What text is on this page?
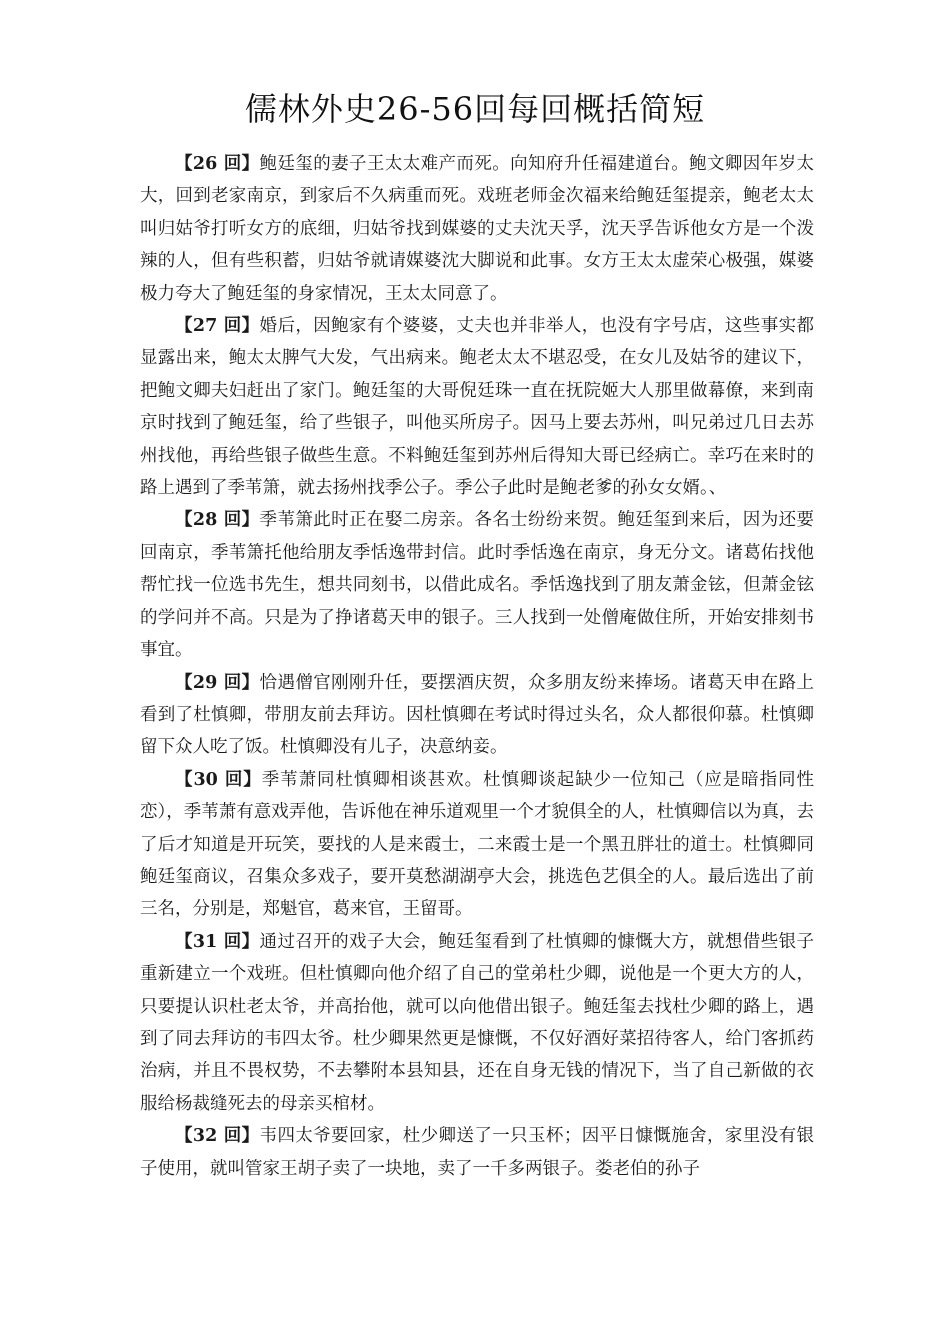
儒林外史26-56回每回概括简短

【26 回】鲍廷玺的妻子王太太难产而死。向知府升任福建道台。鲍文卿因年岁太大，回到老家南京，到家后不久病重而死。戏班老师金次福来给鲍廷玺提亲，鲍老太太叫归姑爷打听女方的底细，归姑爷找到媒婆的丈夫沈天孚，沈天孚告诉他女方是一个泼辣的人，但有些积蓄，归姑爷就请媒婆沈大脚说和此事。女方王太太虚荣心极强，媒婆极力夸大了鲍廷玺的身家情况，王太太同意了。

【27 回】婚后，因鲍家有个婆婆，丈夫也并非举人，也没有字号店，这些事实都显露出来，鲍太太脾气大发，气出病来。鲍老太太不堪忍受，在女儿及姑爷的建议下，把鲍文卿夫妇赶出了家门。鲍廷玺的大哥倪廷珠一直在抚院姬大人那里做幕僚，来到南京时找到了鲍廷玺，给了些银子，叫他买所房子。因马上要去苏州，叫兄弟过几日去苏州找他，再给些银子做些生意。不料鲍廷玺到苏州后得知大哥已经病亡。幸巧在来时的路上遇到了季苇箫，就去扬州找季公子。季公子此时是鲍老爹的孙女女婿。、

【28 回】季苇箫此时正在娶二房亲。各名士纷纷来贺。鲍廷玺到来后，因为还要回南京，季苇箫托他给朋友季恬逸带封信。此时季恬逸在南京，身无分文。诸葛佑找他帮忙找一位选书先生，想共同刻书，以借此成名。季恬逸找到了朋友萧金铉，但萧金铉的学问并不高。只是为了挣诸葛天申的银子。三人找到一处僧庵做住所，开始安排刻书事宜。

【29 回】恰遇僧官刚刚升任，要摆酒庆贺，众多朋友纷来捧场。诸葛天申在路上看到了杜慎卿，带朋友前去拜访。因杜慎卿在考试时得过头名，众人都很仰慕。杜慎卿留下众人吃了饭。杜慎卿没有儿子，决意纳妾。

【30 回】季苇萧同杜慎卿相谈甚欢。杜慎卿谈起缺少一位知己（应是暗指同性恋），季苇萧有意戏弄他，告诉他在神乐道观里一个才貌俱全的人，杜慎卿信以为真，去了后才知道是开玩笑，要找的人是来霞士，二来霞士是一个黑丑胖壮的道士。杜慎卿同鲍廷玺商议，召集众多戏子，要开莫愁湖湖亭大会，挑选色艺俱全的人。最后选出了前三名，分别是，郑魁官，葛来官，王留哥。

【31 回】通过召开的戏子大会，鲍廷玺看到了杜慎卿的慷慨大方，就想借些银子重新建立一个戏班。但杜慎卿向他介绍了自己的堂弟杜少卿，说他是一个更大方的人，只要提认识杜老太爷，并高抬他，就可以向他借出银子。鲍廷玺去找杜少卿的路上，遇到了同去拜访的韦四太爷。杜少卿果然更是慷慨，不仅好酒好菜招待客人，给门客抓药治病，并且不畏权势，不去攀附本县知县，还在自身无钱的情况下，当了自己新做的衣服给杨裁缝死去的母亲买棺材。

【32 回】韦四太爷要回家，杜少卿送了一只玉杯；因平日慷慨施舍，家里没有银子使用，就叫管家王胡子卖了一块地，卖了一千多两银子。娄老伯的孙子
